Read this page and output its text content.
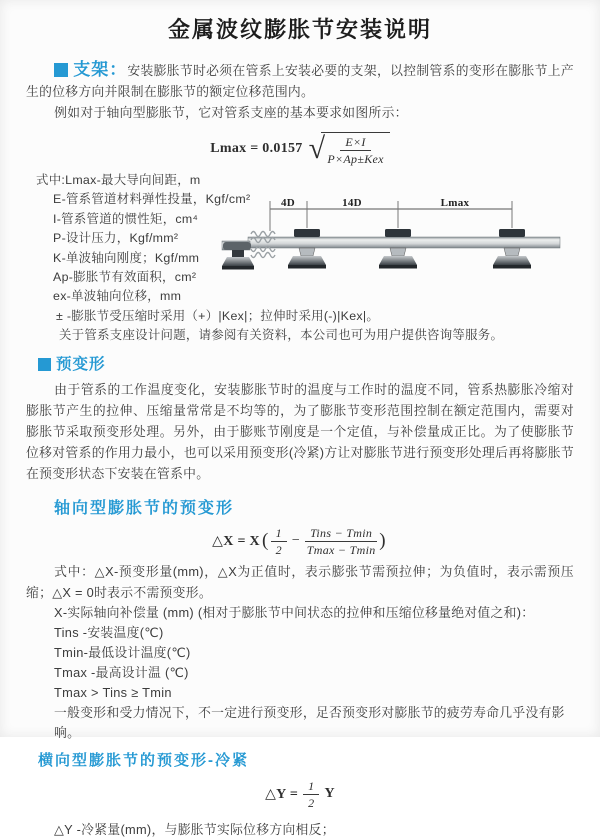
金属波纹膨胀节安装说明

支架：安装膨胀节时必须在管系上安装必要的支架，以控制管系的变形在膨胀节上产生的位移方向并限制在膨胀节的额定位移范围内。

例如对于轴向型膨胀节，它对管系支座的基本要求如图所示：

Lmax = 0.0157 √ $\frac{E\times I}{\text{P×Ap±Kex}}$
式中:Lmax-最大导向间距，m
E-管系管道材料弹性投量，Kgf/cm²
I-管系管道的惯性矩，cm⁴
P-设计压力，Kgf/mm²
K-单波轴向刚度；Kgf/mm
Ap-膨胀节有效面积，cm²
ex-单波轴向位移，mm
± -膨胀节受压缩时采用（+）|Kex|；拉伸时采用(-)|Kex|。
关于管系支座设计问题，请参阅有关资料，本公司也可为用户提供咨询等服务。
4D	14D	Lmax

预变形

由于管系的工作温度变化，安装膨胀节时的温度与工作时的温度不同，管系热膨胀冷缩对膨胀节产生的拉伸、压缩量常常是不均等的，为了膨胀节变形范围控制在额定范围内，需要对膨胀节采取预变形处理。另外，由于膨账节刚度是一个定值，与补偿量成正比。为了使膨胀节位移对管系的作用力最小，也可以采用预变形(冷紧)方让对膨胀节进行预变形处理后再将膨胀节在预变形状态下安装在管系中。

轴向型膨胀节的预变形

△X = X ( $\frac{1}{2} - \frac{\text{Tins − Tmin}}{Tmax - Tmin}$ )

式中：△X-预变形量(mm)，△X为正值时，表示膨张节需预拉伸；为负值时，表示需预压缩；△X = 0时表示不需预变形。

X-实际轴向补偿量 (mm) (相对于膨胀节中间状态的拉伸和压缩位移量绝对值之和)：
Tins -安装温度(℃)
Tmin-最低设计温度(℃)
Tmax -最高设计温 (℃)
Tmax > Tins ≥ Tmin
一般变形和受力情况下，不一定进行预变形，足否预变形对膨胀节的疲劳寿命几乎没有影响。

横向型膨胀节的预变形-冷紧

△Y = $\frac{1}{2}$ Y

△Y -冷紧量(mm)，与膨胀节实际位移方向相反；
